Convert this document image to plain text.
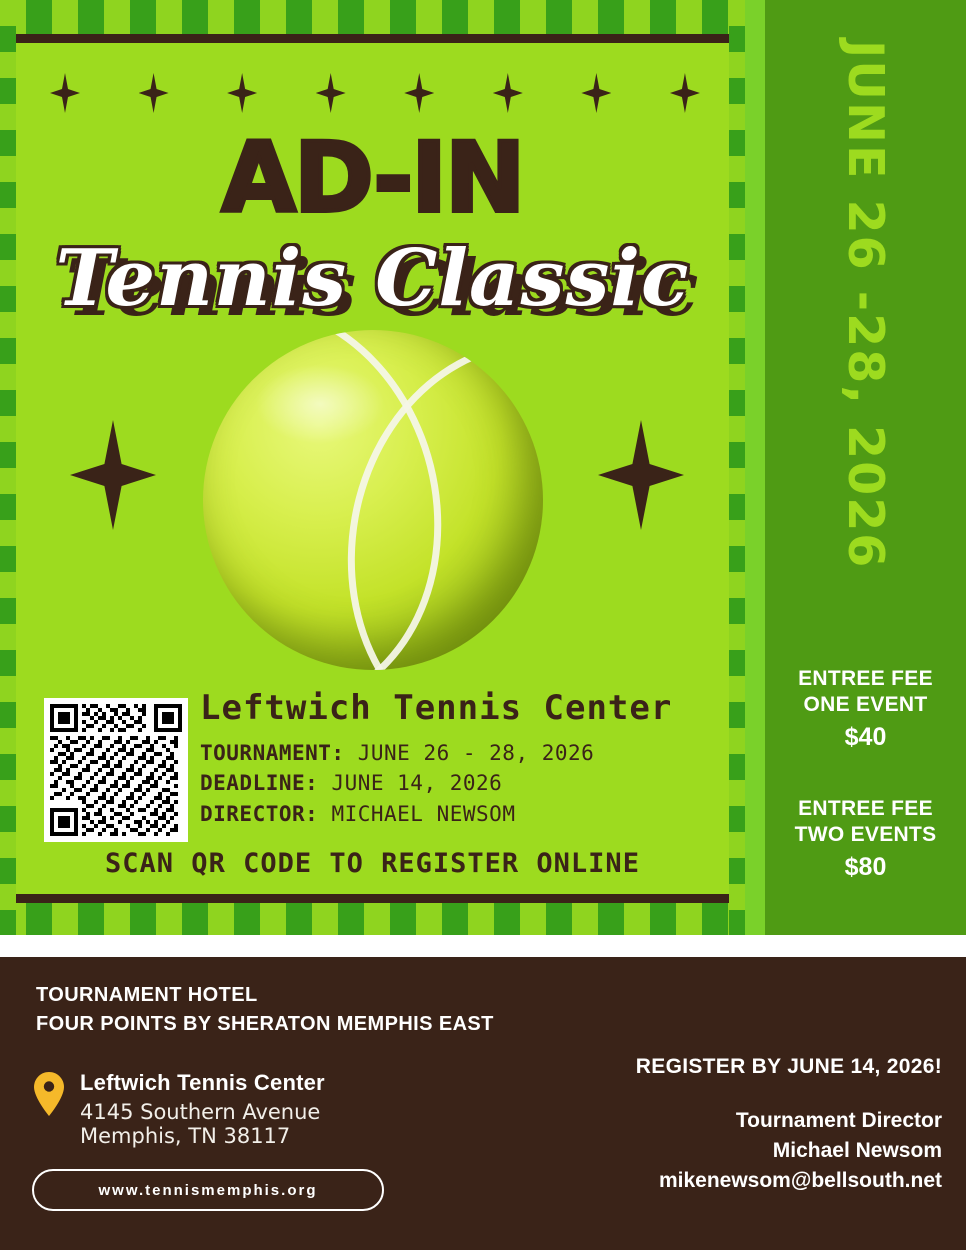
AD-IN
Tennis Classic
Leftwich Tennis Center
TOURNAMENT: JUNE 26 - 28, 2026
DEADLINE: JUNE 14, 2026
DIRECTOR: MICHAEL NEWSOM
SCAN QR CODE TO REGISTER ONLINE
JUNE 26 -28, 2026
ENTREE FEE
ONE EVENT
$40
ENTREE FEE
TWO EVENTS
$80
TOURNAMENT HOTEL
FOUR POINTS BY SHERATON MEMPHIS EAST
Leftwich Tennis Center
4145 Southern Avenue
Memphis, TN 38117
www.tennismemphis.org
REGISTER BY JUNE 14, 2026!
Tournament Director
Michael Newsom
mikenewsom@bellsouth.net
